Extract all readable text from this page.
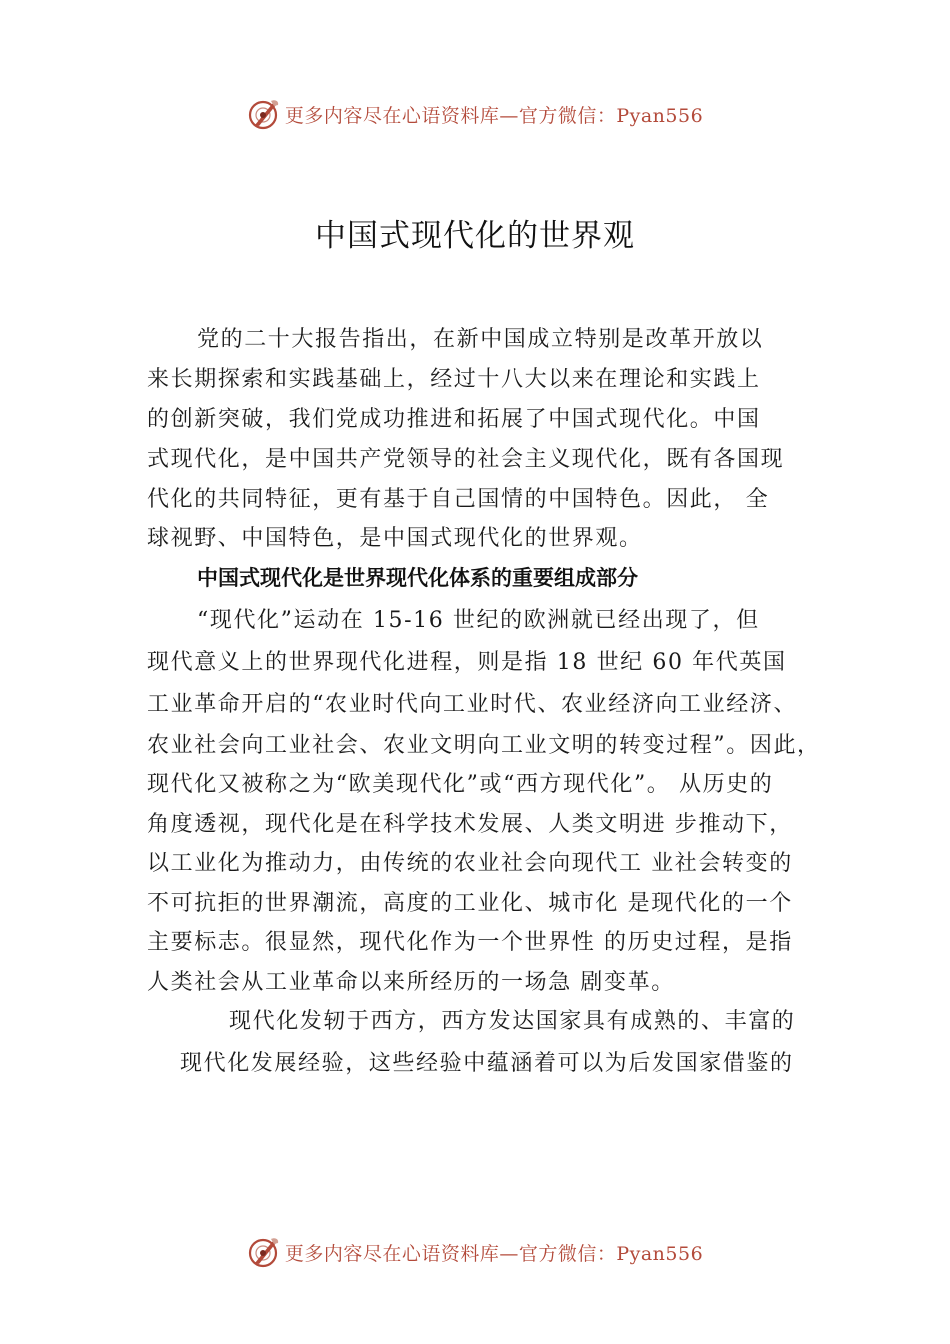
更多内容尽在心语资料库—官方微信：Pyan556
中国式现代化的世界观
党的二十大报告指出，在新中国成立特别是改革开放以
来长期探索和实践基础上，经过十八大以来在理论和实践上
的创新突破，我们党成功推进和拓展了中国式现代化。中国
式现代化，是中国共产党领导的社会主义现代化，既有各国现
代化的共同特征，更有基于自己国情的中国特色。因此， 全
球视野、中国特色，是中国式现代化的世界观。
中国式现代化是世界现代化体系的重要组成部分
“现代化”运动在 15-16 世纪的欧洲就已经出现了，但
现代意义上的世界现代化进程，则是指 18 世纪 60 年代英国
工业革命开启的“农业时代向工业时代、农业经济向工业经济、
农业社会向工业社会、农业文明向工业文明的转变过程”。因此，
现代化又被称之为“欧美现代化”或“西方现代化”。 从历史的
角度透视，现代化是在科学技术发展、人类文明进 步推动下，
以工业化为推动力，由传统的农业社会向现代工 业社会转变的
不可抗拒的世界潮流，高度的工业化、城市化 是现代化的一个
主要标志。很显然，现代化作为一个世界性 的历史过程，是指
人类社会从工业革命以来所经历的一场急 剧变革。
现代化发轫于西方，西方发达国家具有成熟的、丰富的
现代化发展经验，这些经验中蕴涵着可以为后发国家借鉴的
更多内容尽在心语资料库—官方微信：Pyan556
